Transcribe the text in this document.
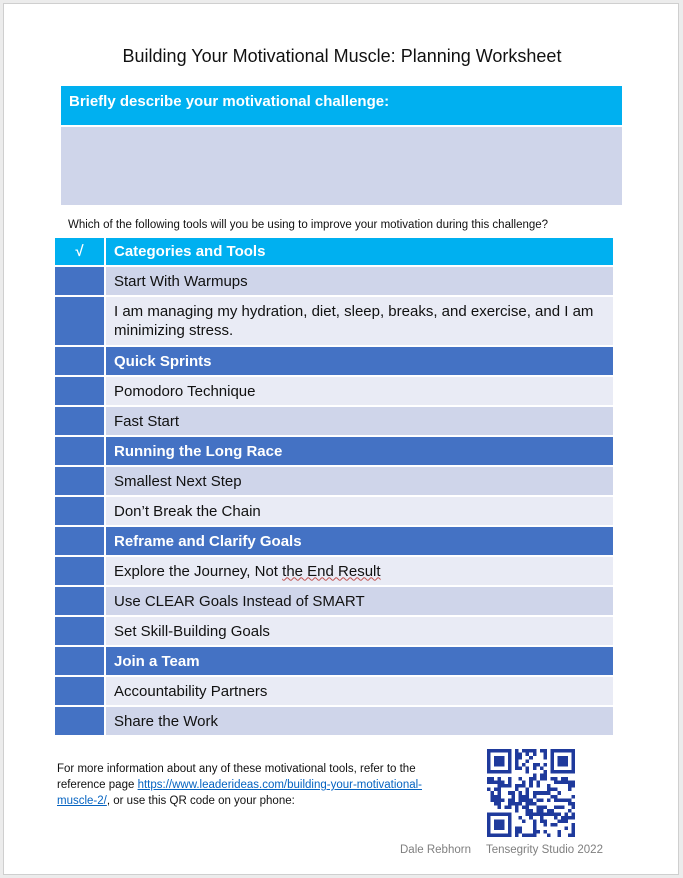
Building Your Motivational Muscle: Planning Worksheet
Briefly describe your motivational challenge:
Which of the following tools will you be using to improve your motivation during this challenge?
√	Categories and Tools
	Start With Warmups
	I am managing my hydration, diet, sleep, breaks, and exercise, and I am minimizing stress.
	Quick Sprints
	Pomodoro Technique
	Fast Start
	Running the Long Race
	Smallest Next Step
	Don’t Break the Chain
	Reframe and Clarify Goals
	Explore the Journey, Not the End Result
	Use CLEAR Goals Instead of SMART
	Set Skill-Building Goals
	Join a Team
	Accountability Partners
	Share the Work
For more information about any of these motivational tools, refer to the reference page https://www.leaderideas.com/building-your-motivational-muscle-2/, or use this QR code on your phone:
Dale Rebhorn Tensegrity Studio 2022
